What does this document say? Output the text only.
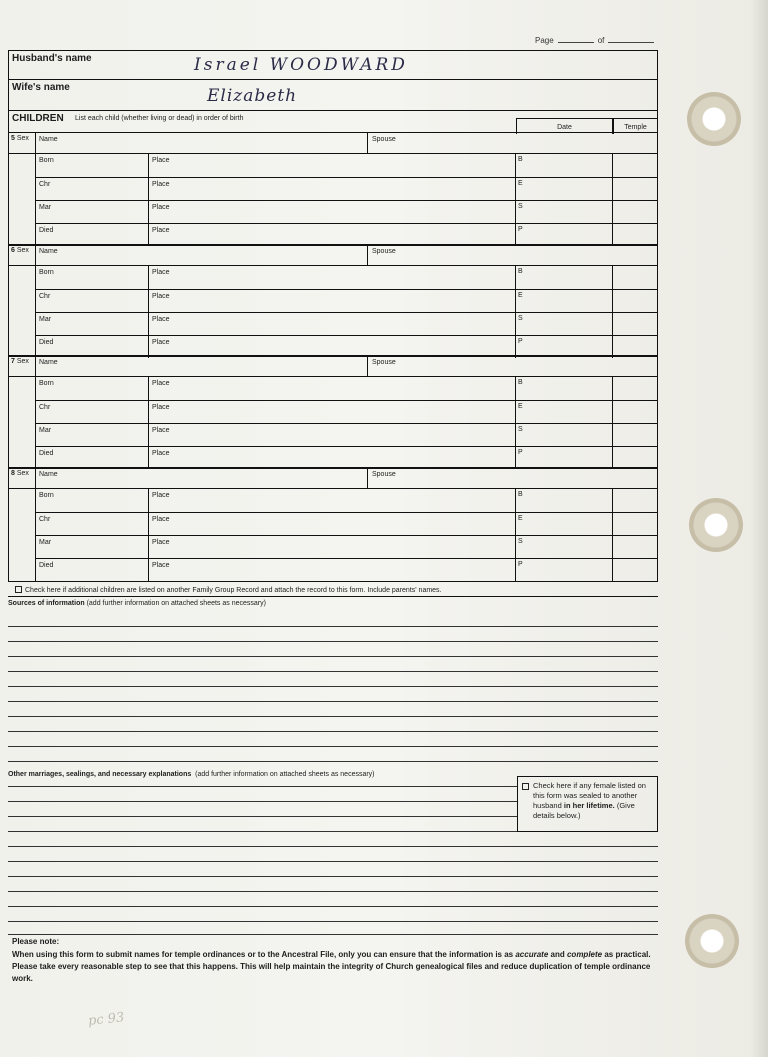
Page	of
Husband's name	Israel WOODWARD
Wife's name	Elizabeth
CHILDREN List each child (whether living or dead) in order of birth
Date	Temple
5 Sex Name	Spouse
Born	Place	B
Chr	Place	E
Mar	Place	S
Died	Place	P
6 Sex Name	Spouse
Born	Place	B
Chr	Place	E
Mar	Place	S
Died	Place	P
7 Sex Name	Spouse
Born	Place	B
Chr	Place	E
Mar	Place	S
Died	Place	P
8 Sex Name	Spouse
Born	Place	B
Chr	Place	E
Mar	Place	S
Died	Place	P
Check here if additional children are listed on another Family Group Record and attach the record to this form. Include parents' names.
Sources of information (add further information on attached sheets as necessary)
Other marriages, sealings, and necessary explanations (add further information on attached sheets as necessary)
Check here if any female listed on this form was sealed to another husband in her lifetime. (Give details below.)
Please note:
When using this form to submit names for temple ordinances or to the Ancestral File, only you can ensure that the information is as accurate and complete as practical. Please take every reasonable step to see that this happens. This will help maintain the integrity of Church genealogical files and reduce duplication of temple ordinance work.
pc 93
